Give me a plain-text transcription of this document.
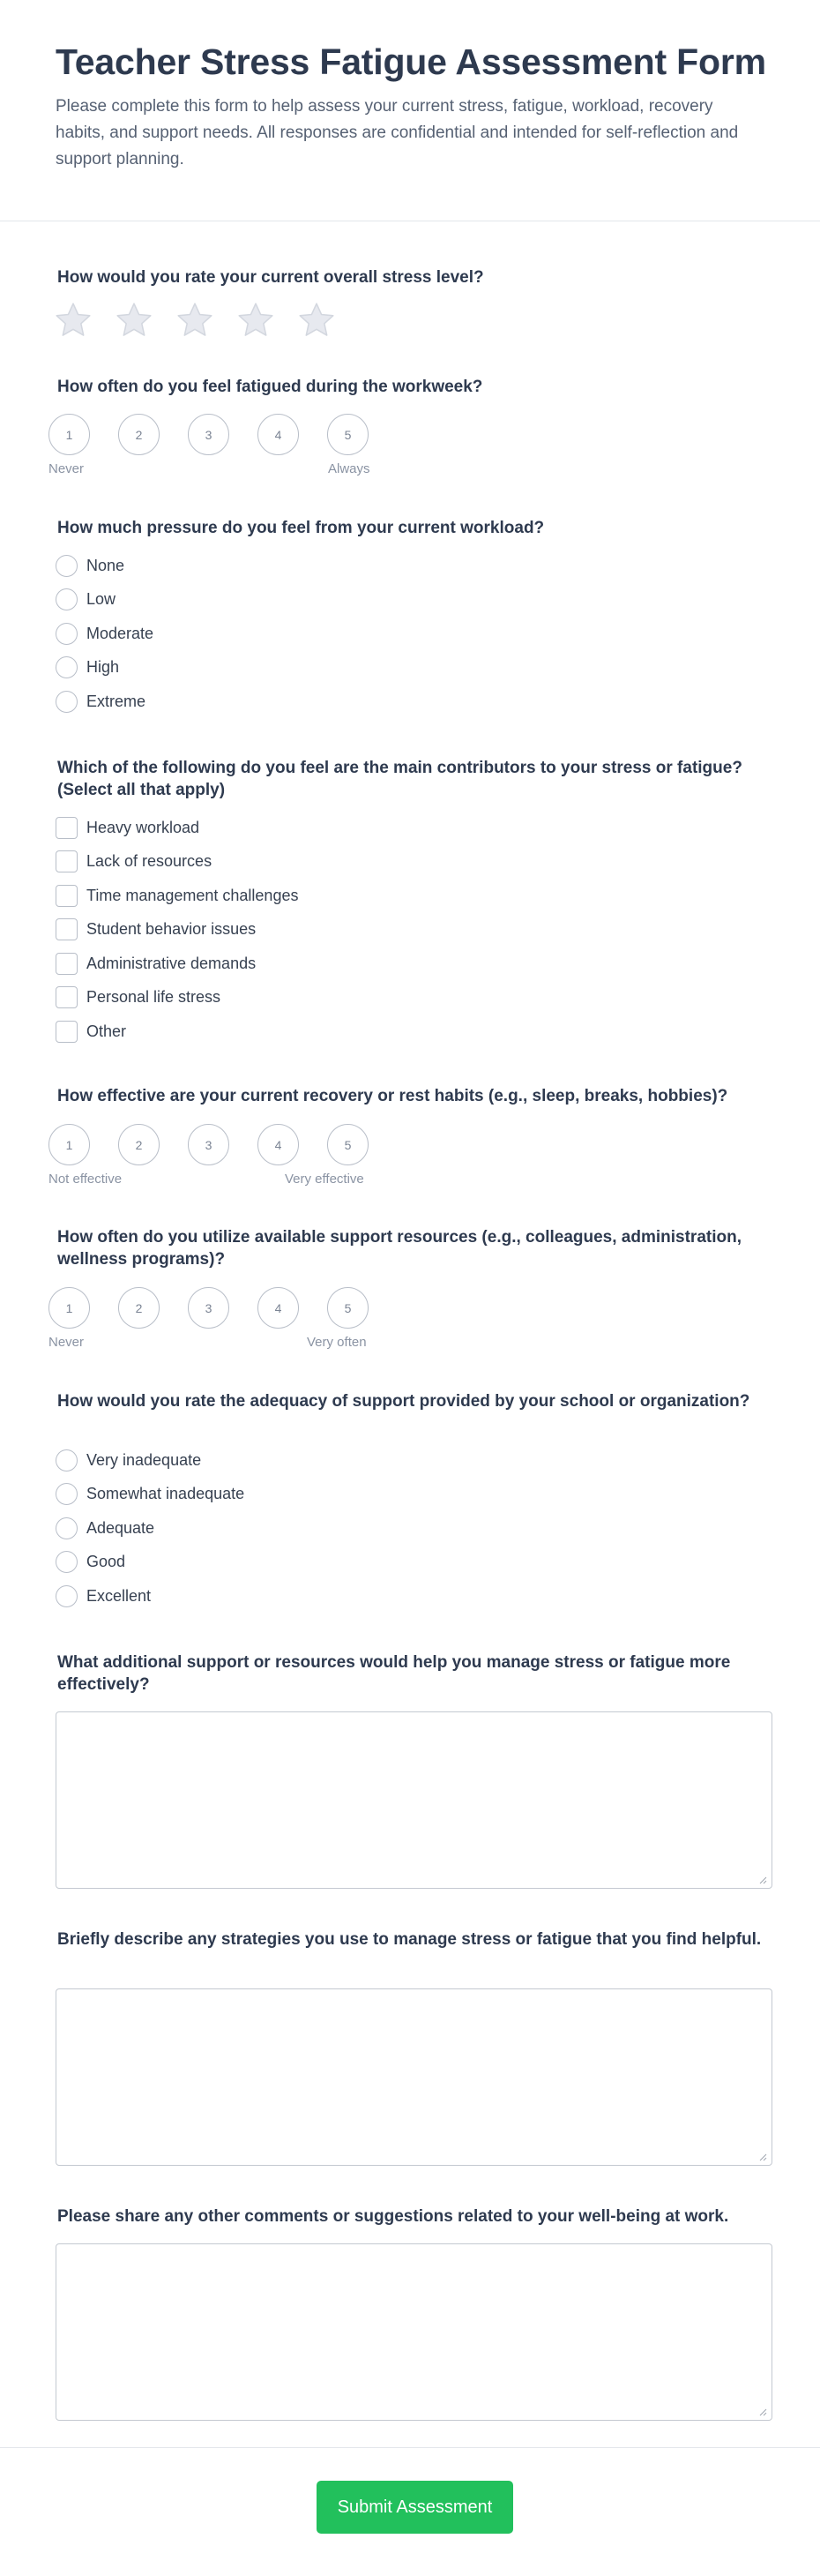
Teacher Stress Fatigue Assessment Form

Please complete this form to help assess your current stress, fatigue, workload, recovery habits, and support needs. All responses are confidential and intended for self-reflection and support planning.

How would you rate your current overall stress level?
How often do you feel fatigued during the workweek?
How much pressure do you feel from your current workload?
Which of the following do you feel are the main contributors to your stress or fatigue? (Select all that apply)
How effective are your current recovery or rest habits (e.g., sleep, breaks, hobbies)?
How often do you utilize available support resources (e.g., colleagues, administration, wellness programs)?
How would you rate the adequacy of support provided by your school or organization?
What additional support or resources would help you manage stress or fatigue more effectively?
Briefly describe any strategies you use to manage stress or fatigue that you find helpful.
Please share any other comments or suggestions related to your well-being at work.
Submit Assessment
1	2	3	4	5
Never	Always
1	2	3	4	5
Not effective	Very effective
1	2	3	4	5
Never	Very often
None
Low
Moderate
High
Extreme
Heavy workload
Lack of resources
Time management challenges
Student behavior issues
Administrative demands
Personal life stress
Other
Very inadequate
Somewhat inadequate
Adequate
Good
Excellent
